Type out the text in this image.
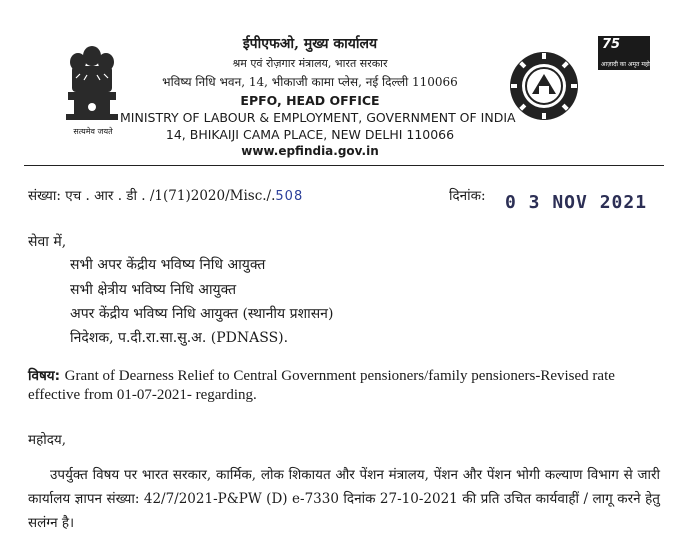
सत्यमेव जयते
ईपीएफओ, मुख्य कार्यालय
श्रम एवं रोज़गार मंत्रालय, भारत सरकार
भविष्य निधि भवन, 14, भीकाजी कामा प्लेस, नई दिल्ली 110066
EPFO, HEAD OFFICE
MINISTRY OF LABOUR & EMPLOYMENT, GOVERNMENT OF INDIA
14, BHIKAIJI CAMA PLACE, NEW DELHI 110066
www.epfindia.gov.in
75
आज़ादी का अमृत महोत्सव
संख्या: एच . आर . डी . /1(71)2020/Misc./.508	दिनांक: 0 3 NOV 2021
सेवा में,
सभी अपर केंद्रीय भविष्य निधि आयुक्त
सभी क्षेत्रीय भविष्य निधि आयुक्त
अपर केंद्रीय भविष्य निधि आयुक्त (स्थानीय प्रशासन)
निदेशक, प.दी.रा.सा.सु.अ. (PDNASS).
विषय: Grant of Dearness Relief to Central Government pensioners/family pensioners-Revised rate effective from 01-07-2021- regarding.
महोदय,
उपर्युक्त विषय पर भारत सरकार, कार्मिक, लोक शिकायत और पेंशन मंत्रालय, पेंशन और पेंशन भोगी कल्याण विभाग से जारी कार्यालय ज्ञापन संख्या: 42/7/2021-P&PW (D) e-7330 दिनांक 27-10-2021 की प्रति उचित कार्यवाहीं / लागू करने हेतु सलंग्न है।
